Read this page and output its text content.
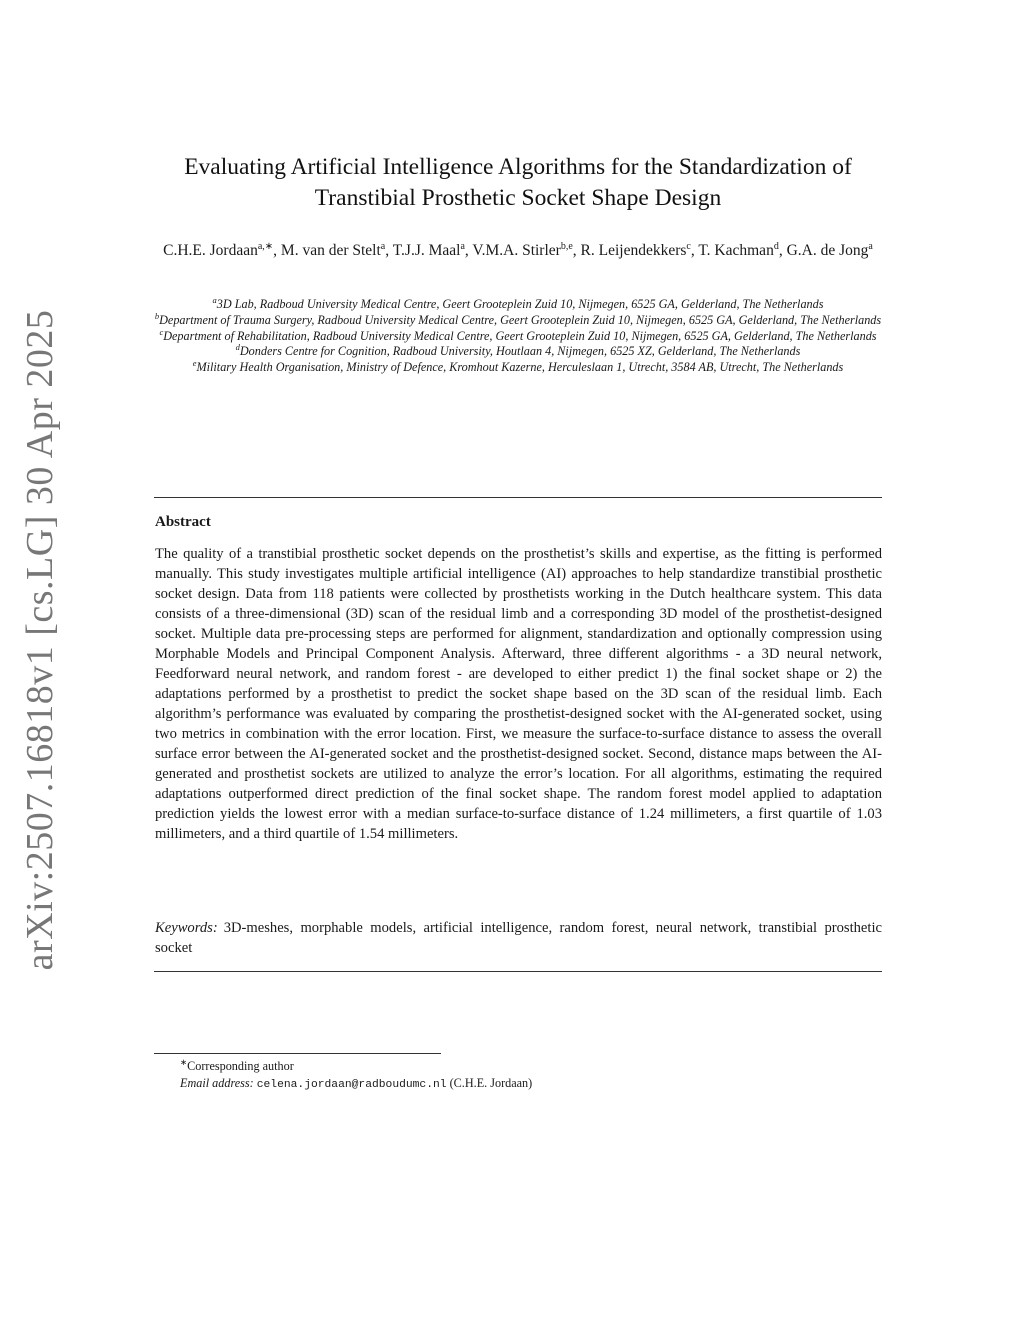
arXiv:2507.16818v1 [cs.LG] 30 Apr 2025
Evaluating Artificial Intelligence Algorithms for the Standardization of
Transtibial Prosthetic Socket Shape Design
C.H.E. Jordaan$^{a,∗}$, M. van der Stelt$^a$, T.J.J. Maal$^a$, V.M.A. Stirler$^{b,e}$, R. Leijendekkers$^c$, T. Kachman$^d$, G.A. de Jong$^a$
$^a$3D Lab, Radboud University Medical Centre, Geert Grooteplein Zuid 10, Nijmegen, 6525 GA, Gelderland, The Netherlands
$^b$Department of Trauma Surgery, Radboud University Medical Centre, Geert Grooteplein Zuid 10, Nijmegen, 6525 GA, Gelderland, The Netherlands
$^c$Department of Rehabilitation, Radboud University Medical Centre, Geert Grooteplein Zuid 10, Nijmegen, 6525 GA, Gelderland, The Netherlands
$^d$Donders Centre for Cognition, Radboud University, Houtlaan 4, Nijmegen, 6525 XZ, Gelderland, The Netherlands
$^e$Military Health Organisation, Ministry of Defence, Kromhout Kazerne, Herculeslaan 1, Utrecht, 3584 AB, Utrecht, The Netherlands
Abstract

The quality of a transtibial prosthetic socket depends on the prosthetist’s skills and expertise, as the fitting is performed manually. This study investigates multiple artificial intelligence (AI) approaches to help standardize transtibial prosthetic socket design. Data from 118 patients were collected by prosthetists working in the Dutch healthcare system. This data consists of a three-dimensional (3D) scan of the residual limb and a corresponding 3D model of the prosthetist-designed socket. Multiple data pre-processing steps are performed for alignment, standardization and optionally compression using Morphable Models and Principal Component Analysis. Afterward, three different algorithms - a 3D neural network, Feedforward neural network, and random forest - are developed to either predict 1) the final socket shape or 2) the adaptations performed by a prosthetist to predict the socket shape based on the 3D scan of the residual limb. Each algorithm’s performance was evaluated by comparing the prosthetist-designed socket with the AI-generated socket, using two metrics in combination with the error location. First, we measure the surface-to-surface distance to assess the overall surface error between the AI-generated socket and the prosthetist-designed socket. Second, distance maps between the AI-generated and prosthetist sockets are utilized to analyze the error’s location. For all algorithms, estimating the required adaptations outperformed direct prediction of the final socket shape. The random forest model applied to adaptation prediction yields the lowest error with a median surface-to-surface distance of 1.24 millimeters, a first quartile of 1.03 millimeters, and a third quartile of 1.54 millimeters.

Keywords: 3D-meshes, morphable models, artificial intelligence, random forest, neural network, transtibial prosthetic socket

∗Corresponding author
Email address: celena.jordaan@radboudumc.nl (C.H.E. Jordaan)
